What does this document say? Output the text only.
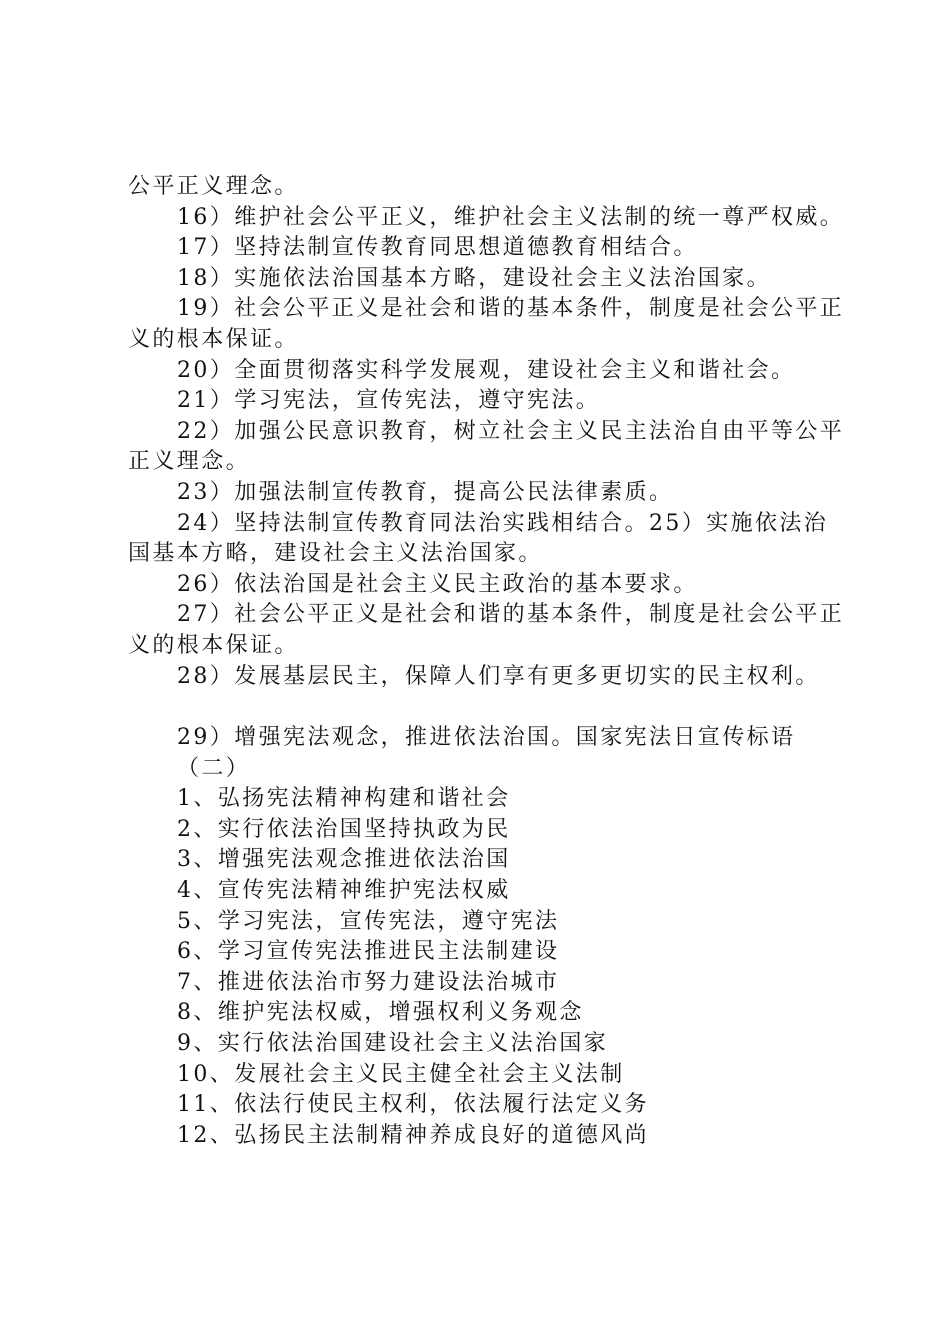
公平正义理念。

16）维护社会公平正义，维护社会主义法制的统一尊严权威。

17）坚持法制宣传教育同思想道德教育相结合。

18）实施依法治国基本方略，建设社会主义法治国家。

19）社会公平正义是社会和谐的基本条件，制度是社会公平正义的根本保证。

20）全面贯彻落实科学发展观，建设社会主义和谐社会。

21）学习宪法，宣传宪法，遵守宪法。

22）加强公民意识教育，树立社会主义民主法治自由平等公平正义理念。

23）加强法制宣传教育，提高公民法律素质。

24）坚持法制宣传教育同法治实践相结合。25）实施依法治国基本方略，建设社会主义法治国家。

26）依法治国是社会主义民主政治的基本要求。

27）社会公平正义是社会和谐的基本条件，制度是社会公平正义的根本保证。

28）发展基层民主，保障人们享有更多更切实的民主权利。

29）增强宪法观念，推进依法治国。国家宪法日宣传标语（二）

1、弘扬宪法精神构建和谐社会

2、实行依法治国坚持执政为民

3、增强宪法观念推进依法治国

4、宣传宪法精神维护宪法权威

5、学习宪法，宣传宪法，遵守宪法

6、学习宣传宪法推进民主法制建设

7、推进依法治市努力建设法治城市

8、维护宪法权威，增强权利义务观念

9、实行依法治国建设社会主义法治国家

10、发展社会主义民主健全社会主义法制

11、依法行使民主权利，依法履行法定义务

12、弘扬民主法制精神养成良好的道德风尚
